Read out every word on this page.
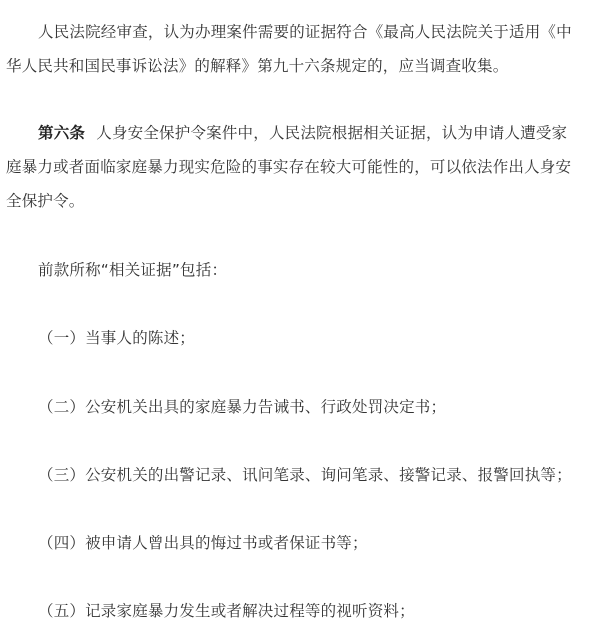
人民法院经审查，认为办理案件需要的证据符合《最高人民法院关于适用《中
华人民共和国民事诉讼法》的解释》第九十六条规定的，应当调查收集。
第六条 人身安全保护令案件中，人民法院根据相关证据，认为申请人遭受家
庭暴力或者面临家庭暴力现实危险的事实存在较大可能性的，可以依法作出人身安
全保护令。
前款所称“相关证据”包括：
（一）当事人的陈述；
（二）公安机关出具的家庭暴力告诫书、行政处罚决定书；
（三）公安机关的出警记录、讯问笔录、询问笔录、接警记录、报警回执等；
（四）被申请人曾出具的悔过书或者保证书等；
（五）记录家庭暴力发生或者解决过程等的视听资料；
